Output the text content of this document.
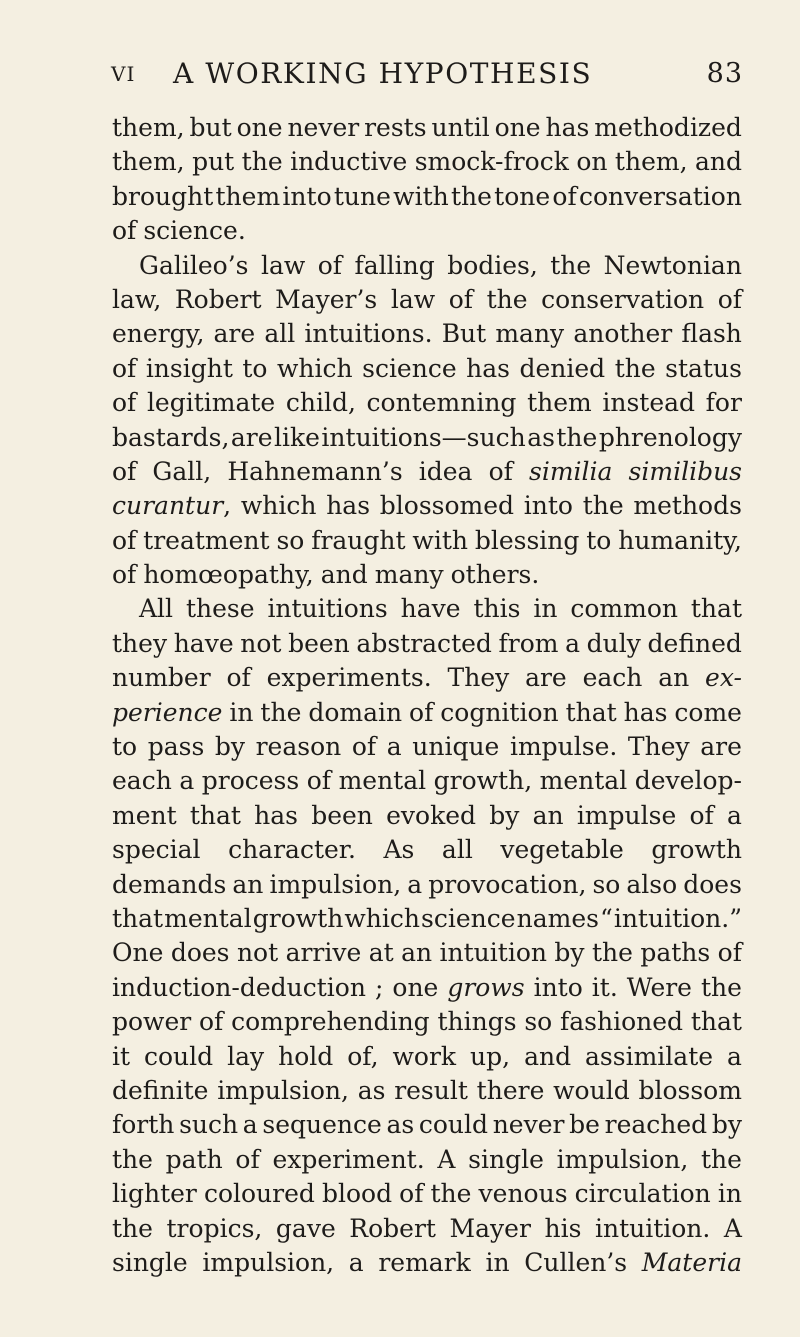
VI A WORKING HYPOTHESIS	83
them, but one never rests until one has methodized
them, put the inductive smock-frock on them, and
brought them into tune with the tone of conversation
of science.
Galileo’s law of falling bodies, the Newtonian
law, Robert Mayer’s law of the conservation of
energy, are all intuitions. But many another flash
of insight to which science has denied the status
of legitimate child, contemning them instead for
bastards, are like intuitions—such as the phrenology
of Gall, Hahnemann’s idea of similia similibus
curantur, which has blossomed into the methods
of treatment so fraught with blessing to humanity,
of homœopathy, and many others.
All these intuitions have this in common that
they have not been abstracted from a duly defined
number of experiments. They are each an ex-
perience in the domain of cognition that has come
to pass by reason of a unique impulse. They are
each a process of mental growth, mental develop-
ment that has been evoked by an impulse of a
special character. As all vegetable growth
demands an impulsion, a provocation, so also does
that mental growth which science names “ intuition.”
One does not arrive at an intuition by the paths of
induction-deduction ; one grows into it. Were the
power of comprehending things so fashioned that
it could lay hold of, work up, and assimilate a
definite impulsion, as result there would blossom
forth such a sequence as could never be reached by
the path of experiment. A single impulsion, the
lighter coloured blood of the venous circulation in
the tropics, gave Robert Mayer his intuition. A
single impulsion, a remark in Cullen’s Materia
